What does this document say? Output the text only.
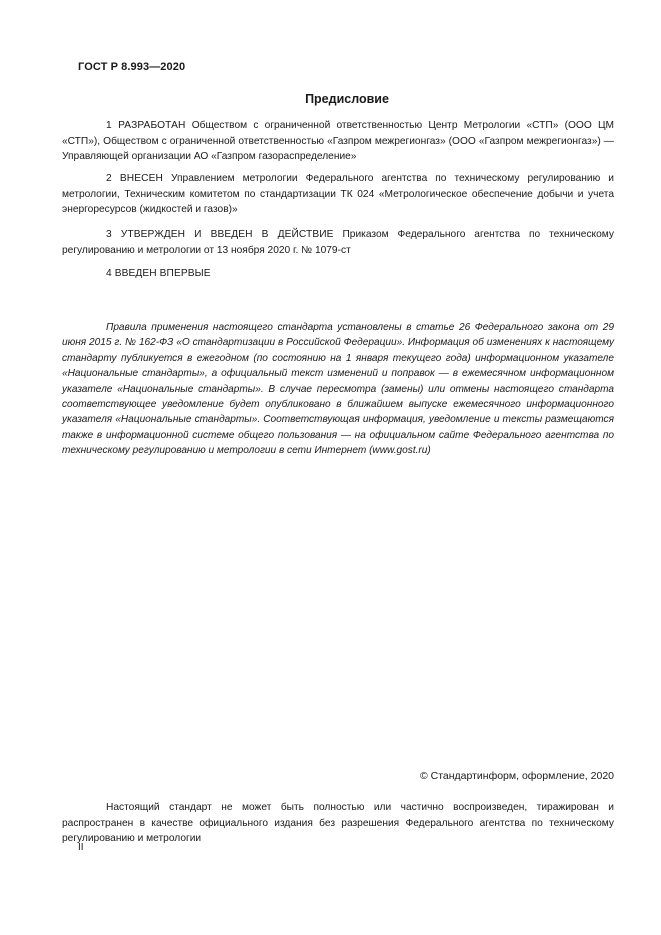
ГОСТ Р 8.993—2020
Предисловие

1 РАЗРАБОТАН Обществом с ограниченной ответственностью Центр Метрологии «СТП» (ООО ЦМ «СТП»), Обществом с ограниченной ответственностью «Газпром межрегионгаз» (ООО «Газпром межрегионгаз») — Управляющей организации АО «Газпром газораспределение»

2 ВНЕСЕН Управлением метрологии Федерального агентства по техническому регулированию и метрологии, Техническим комитетом по стандартизации ТК 024 «Метрологическое обеспечение добычи и учета энергоресурсов (жидкостей и газов)»

3 УТВЕРЖДЕН И ВВЕДЕН В ДЕЙСТВИЕ Приказом Федерального агентства по техническому регулированию и метрологии от 13 ноября 2020 г. № 1079-ст

4 ВВЕДЕН ВПЕРВЫЕ

Правила применения настоящего стандарта установлены в статье 26 Федерального закона от 29 июня 2015 г. № 162-ФЗ «О стандартизации в Российской Федерации». Информация об изменениях к настоящему стандарту публикуется в ежегодном (по состоянию на 1 января текущего года) информационном указателе «Национальные стандарты», а официальный текст изменений и поправок — в ежемесячном информационном указателе «Национальные стандарты». В случае пересмотра (замены) или отмены настоящего стандарта соответствующее уведомление будет опубликовано в ближайшем выпуске ежемесячного информационного указателя «Национальные стандарты». Соответствующая информация, уведомление и тексты размещаются также в информационной системе общего пользования — на официальном сайте Федерального агентства по техническому регулированию и метрологии в сети Интернет (www.gost.ru)

© Стандартинформ, оформление, 2020

Настоящий стандарт не может быть полностью или частично воспроизведен, тиражирован и распространен в качестве официального издания без разрешения Федерального агентства по техническому регулированию и метрологии

II
